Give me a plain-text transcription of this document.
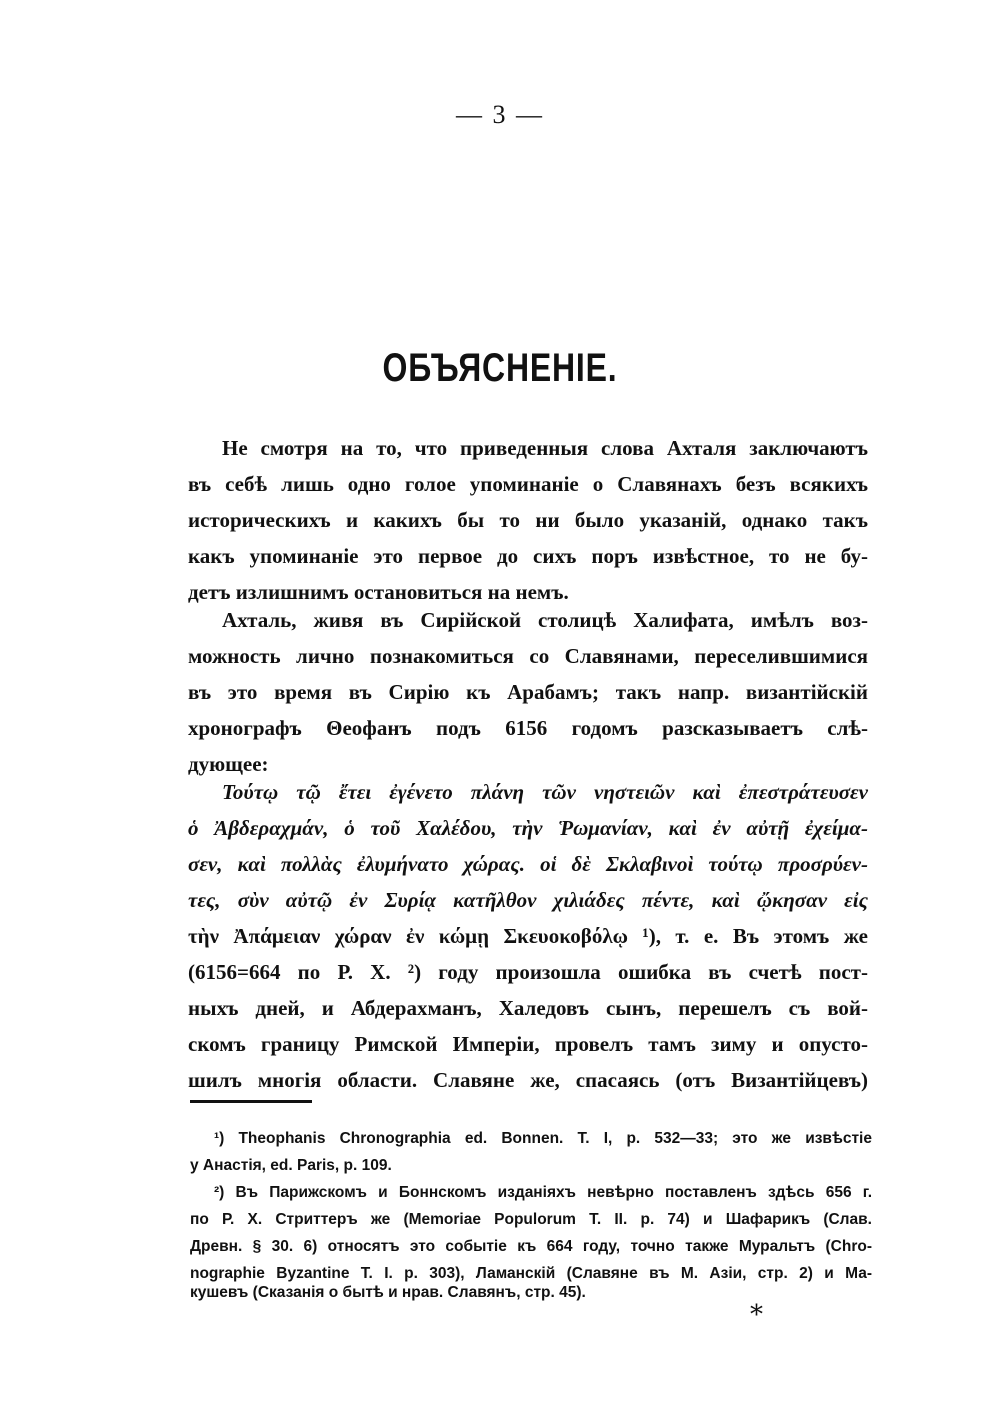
— 3 —
ОБЪЯСНЕНІЕ.
Не смотря на то, что приведенныя слова Ахталя заключаютъ
въ себѣ лишь одно голое упоминаніе о Славянахъ безъ всякихъ
историческихъ и какихъ бы то ни было указаній, однако такъ
какъ упоминаніе это первое до сихъ поръ извѣстное, то не бу-
детъ излишнимъ остановиться на немъ.
Ахталь, живя въ Сирійской столицѣ Халифата, имѣлъ воз-
можность лично познакомиться со Славянами, переселившимися
въ это время въ Сирію къ Арабамъ; такъ напр. византійскій
хронографъ Θеофанъ подъ 6156 годомъ разсказываетъ слѣ-
дующее:
Τούτῳ τῷ ἔτει ἐγένετο πλάνη τῶν νηστειῶν καὶ ἐπεστράτευσεν
ὁ Ἀβδεραχμάν, ὁ τοῦ Χαλέδου, τὴν Ῥωμανίαν, καὶ ἐν αὐτῇ ἐχείμα-
σεν, καὶ πολλὰς ἐλυμήνατο χώρας. οἱ δὲ Σκλαβινοὶ τούτῳ προσρύεν-
τες, σὺν αὐτῷ ἐν Συρίᾳ κατῆλθον χιλιάδες πέντε, καὶ ᾤκησαν εἰς
τὴν Ἀπάμειαν χώραν ἐν κώμῃ Σκευοκοβόλῳ ¹), т. е. Въ этомъ же
(6156=664 по Р. Х. ²) году произошла ошибка въ счетѣ пост-
ныхъ дней, и Абдерахманъ, Халедовъ сынъ, перешелъ съ вой-
скомъ границу Римской Имперіи, провелъ тамъ зиму и опусто-
шилъ многія области. Славяне же, спасаясь (отъ Византійцевъ)
¹) Theophanis Chronographia ed. Bonnen. T. I, p. 532—33; это же извѣстіе
у Анастія, ed. Paris, p. 109.
²) Въ Парижскомъ и Боннскомъ изданіяхъ невѣрно поставленъ здѣсь 656 г.
по Р. Х. Стриттеръ же (Memoriae Populorum T. II. p. 74) и Шафарикъ (Слав.
Древн. § 30. 6) относятъ это событіе къ 664 году, точно также Муральтъ (Chro-
nographie Byzantine T. I. p. 303), Ламанскій (Славяне въ М. Азіи, стр. 2) и Ма-
кушевъ (Сказанія о бытѣ и нрав. Славянъ, стр. 45).
*
